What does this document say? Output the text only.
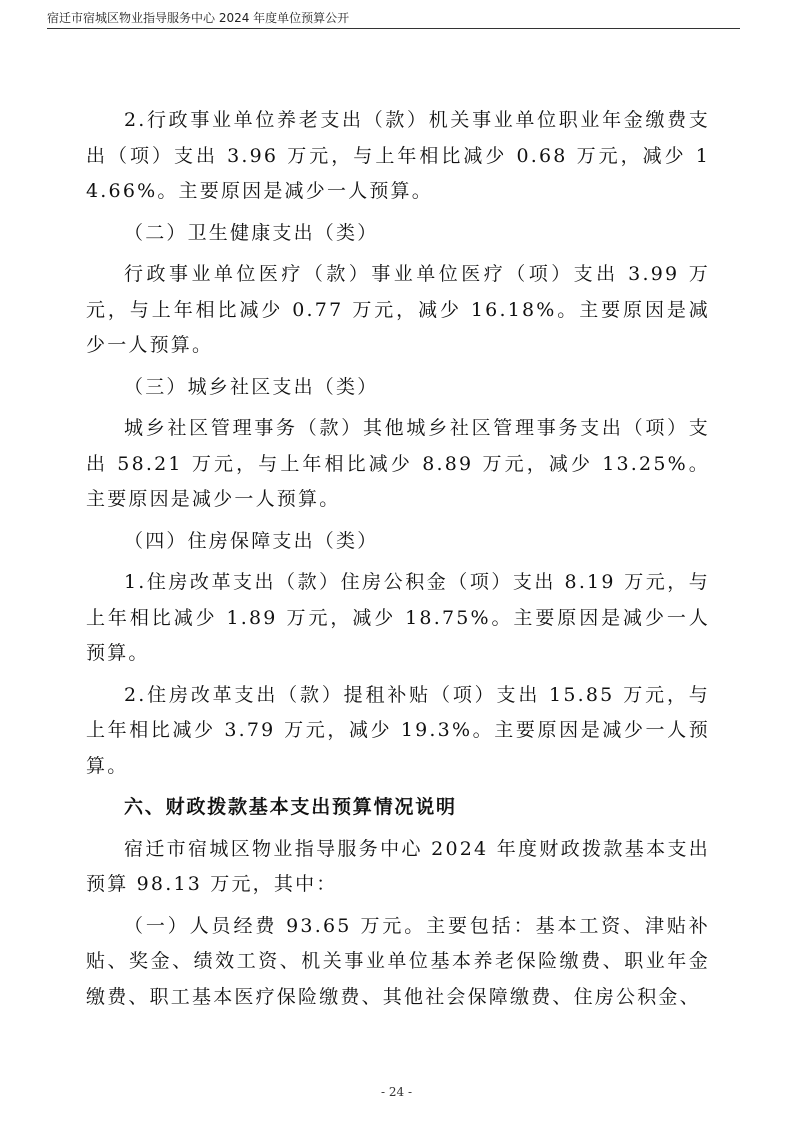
宿迁市宿城区物业指导服务中心 2024 年度单位预算公开

2.行政事业单位养老支出（款）机关事业单位职业年金缴费支出（项）支出 3.96 万元，与上年相比减少 0.68 万元，减少 14.66%。主要原因是减少一人预算。

（二）卫生健康支出（类）

行政事业单位医疗（款）事业单位医疗（项）支出 3.99 万元，与上年相比减少 0.77 万元，减少 16.18%。主要原因是减少一人预算。

（三）城乡社区支出（类）

城乡社区管理事务（款）其他城乡社区管理事务支出（项）支出 58.21 万元，与上年相比减少 8.89 万元，减少 13.25%。主要原因是减少一人预算。

（四）住房保障支出（类）

1.住房改革支出（款）住房公积金（项）支出 8.19 万元，与上年相比减少 1.89 万元，减少 18.75%。主要原因是减少一人预算。

2.住房改革支出（款）提租补贴（项）支出 15.85 万元，与上年相比减少 3.79 万元，减少 19.3%。主要原因是减少一人预算。

六、财政拨款基本支出预算情况说明

宿迁市宿城区物业指导服务中心 2024 年度财政拨款基本支出预算 98.13 万元，其中：

（一）人员经费 93.65 万元。主要包括：基本工资、津贴补贴、奖金、绩效工资、机关事业单位基本养老保险缴费、职业年金缴费、职工基本医疗保险缴费、其他社会保障缴费、住房公积金、

- 24 -
